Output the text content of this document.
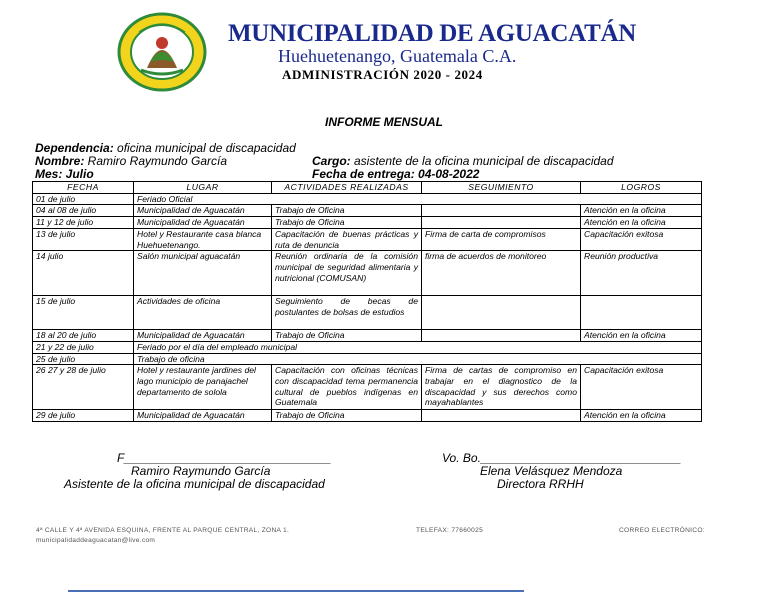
MUNICIPALIDAD DE AGUACATÁN
Huehuetenango, Guatemala C.A.
ADMINISTRACIÓN 2020 - 2024
INFORME MENSUAL
Dependencia: oficina municipal de discapacidad
Nombre: Ramiro Raymundo García	Cargo: asistente de la oficina municipal de discapacidad
Mes: Julio	Fecha de entrega: 04-08-2022
FECHA	LUGAR	ACTIVIDADES REALIZADAS	SEGUIMIENTO	LOGROS
01 de julio	Feriado Oficial			
04 al 08 de julio	Municipalidad de Aguacatán	Trabajo de Oficina		Atención en la oficina
11 y 12 de julio	Municipalidad de Aguacatán	Trabajo de Oficina		Atención en la oficina
13 de julio	Hotel y Restaurante casa blanca Huehuetenango.	Capacitación de buenas prácticas y ruta de denuncia	Firma de carta de compromisos	Capacitación exitosa
14 julio	Salón municipal aguacatán	Reunión ordinaria de la comisión municipal de seguridad alimentaria y nutricional (COMUSAN)	firma de acuerdos de monitoreo	Reunión productiva
15 de julio	Actividades de oficina	Seguimiento de becas de postulantes de bolsas de estudios		
18 al 20 de julio	Municipalidad de Aguacatán	Trabajo de Oficina		Atención en la oficina
21 y 22 de julio	Feriado por el día del empleado municipal			
25 de julio	Trabajo de oficina			
26 27 y 28 de julio	Hotel y restaurante jardines del lago municipio de panajachel departamento de solola	Capacitación con oficinas técnicas con discapacidad tema permanencia cultural de pueblos indígenas en Guatemala	Firma de cartas de compromiso en trabajar en el diagnostico de la discapacidad y sus derechos como mayahablantes	Capacitación exitosa
29 de julio	Municipalidad de Aguacatán	Trabajo de Oficina		Atención en la oficina
F_______________________________
Ramiro Raymundo García
Asistente de la oficina municipal de discapacidad
Vo. Bo.______________________________
Elena Velásquez Mendoza
Directora RRHH
4ª CALLE Y 4ª AVENIDA ESQUINA, FRENTE AL PARQUE CENTRAL, ZONA 1.
municipalidaddeaguacatan@live.com
TELEFAX: 77660025	CORREO ELECTRÓNICO:
